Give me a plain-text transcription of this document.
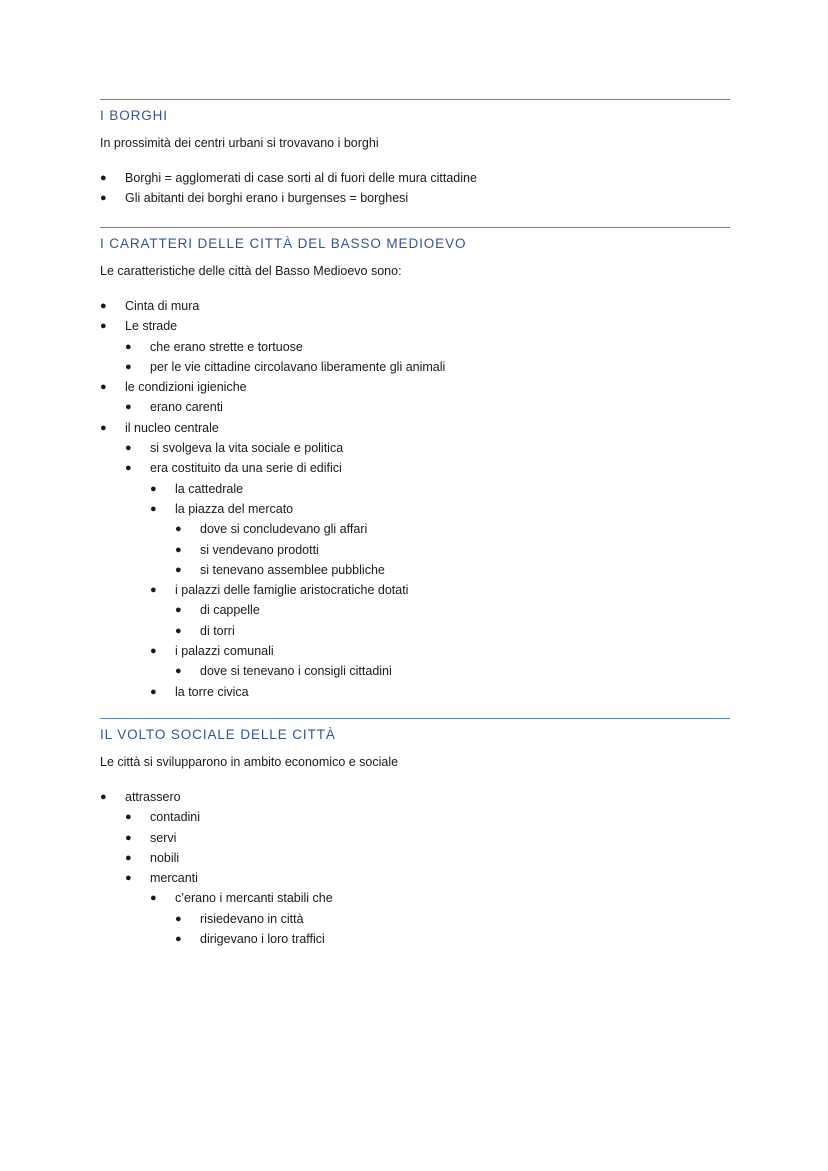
I BORGHI
In prossimità dei centri urbani si trovavano i borghi
● Borghi = agglomerati di case sorti al di fuori delle mura cittadine
● Gli abitanti dei borghi erano i burgenses = borghesi
I CARATTERI DELLE CITTÀ DEL BASSO MEDIOEVO
Le caratteristiche delle città del Basso Medioevo sono:
● Cinta di mura
● Le strade
● che erano strette e tortuose
● per le vie cittadine circolavano liberamente gli animali
● le condizioni igieniche
● erano carenti
● il nucleo centrale
● si svolgeva la vita sociale e politica
● era costituito da una serie di edifici
● la cattedrale
● la piazza del mercato
● dove si concludevano gli affari
● si vendevano prodotti
● si tenevano assemblee pubbliche
● i palazzi delle famiglie aristocratiche dotati
● di cappelle
● di torri
● i palazzi comunali
● dove si tenevano i consigli cittadini
● la torre civica
IL VOLTO SOCIALE DELLE CITTÀ
Le città si svilupparono in ambito economico e sociale
● attrassero
● contadini
● servi
● nobili
● mercanti
● c’erano i mercanti stabili che
● risiedevano in città
● dirigevano i loro traffici
